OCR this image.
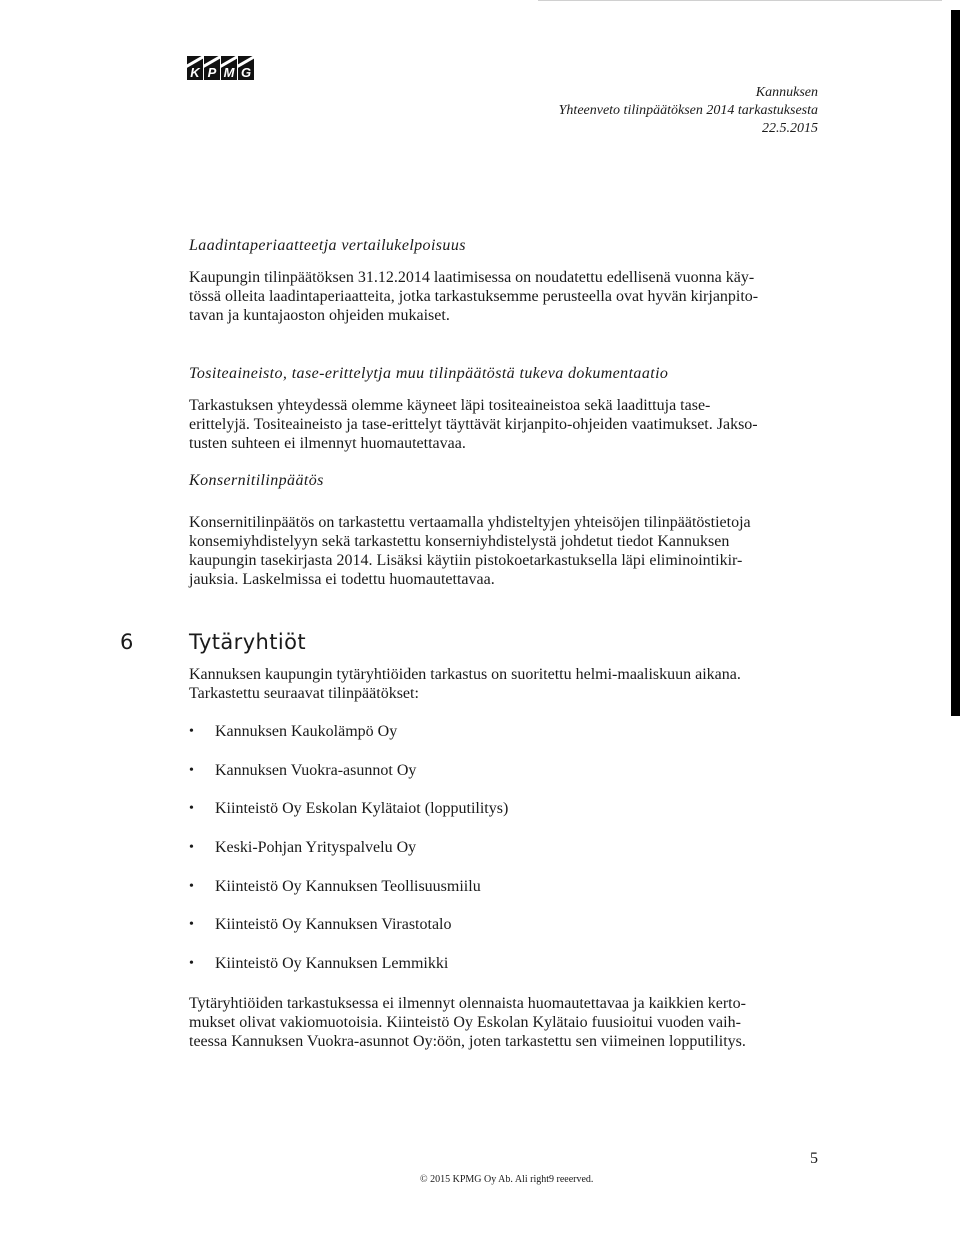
K P M G
Kannuksen
Yhteenveto tilinpäätöksen 2014 tarkastuksesta
22.5.2015
Laadintaperiaatteetja vertailukelpoisuus
Kaupungin tilinpäätöksen 31.12.2014 laatimisessa on noudatettu edellisenä vuonna käy-
tössä olleita laadintaperiaatteita, jotka tarkastuksemme perusteella ovat hyvän kirjanpito-
tavan ja kuntajaoston ohjeiden mukaiset.
Tositeaineisto, tase-erittelytja muu tilinpäätöstä tukeva dokumentaatio
Tarkastuksen yhteydessä olemme käyneet läpi tositeaineistoa sekä laadittuja tase-
erittelyjä. Tositeaineisto ja tase-erittelyt täyttävät kirjanpito-ohjeiden vaatimukset. Jakso-
tusten suhteen ei ilmennyt huomautettavaa.
Konsernitilinpäätös
Konsernitilinpäätös on tarkastettu vertaamalla yhdisteltyjen yhteisöjen tilinpäätöstietoja
konsemiyhdistelyyn sekä tarkastettu konserniyhdistelystä johdetut tiedot Kannuksen
kaupungin tasekirjasta 2014. Lisäksi käytiin pistokoetarkastuksella läpi eliminointikir-
jauksia. Laskelmissa ei todettu huomautettavaa.
6	Tytäryhtiöt
Kannuksen kaupungin tytäryhtiöiden tarkastus on suoritettu helmi-maaliskuun aikana.
Tarkastettu seuraavat tilinpäätökset:
•	Kannuksen Kaukolämpö Oy
•	Kannuksen Vuokra-asunnot Oy
•	Kiinteistö Oy Eskolan Kylätaiot (lopputilitys)
•	Keski-Pohjan Yrityspalvelu Oy
•	Kiinteistö Oy Kannuksen Teollisuusmiilu
•	Kiinteistö Oy Kannuksen Virastotalo
•	Kiinteistö Oy Kannuksen Lemmikki
Tytäryhtiöiden tarkastuksessa ei ilmennyt olennaista huomautettavaa ja kaikkien kerto-
mukset olivat vakiomuotoisia. Kiinteistö Oy Eskolan Kylätaio fuusioitui vuoden vaih-
teessa Kannuksen Vuokra-asunnot Oy:öön, joten tarkastettu sen viimeinen lopputilitys.
5
© 2015 KPMG Oy Ab. Ali right9 reeerved.
